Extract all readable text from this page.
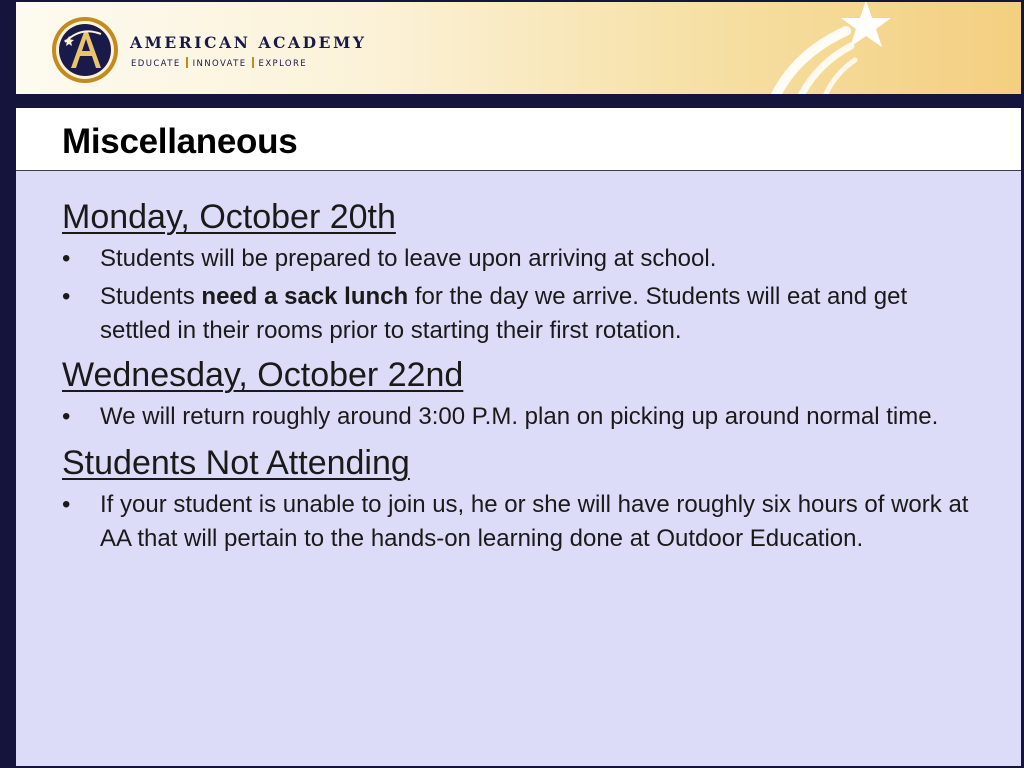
AMERICAN ACADEMY
EDUCATE INNOVATE EXPLORE
Miscellaneous
Monday, October 20th
• Students will be prepared to leave upon arriving at school.
• Students need a sack lunch for the day we arrive. Students will eat and get settled in their rooms prior to starting their first rotation.
Wednesday, October 22nd
• We will return roughly around 3:00 P.M. plan on picking up around normal time.
Students Not Attending
• If your student is unable to join us, he or she will have roughly six hours of work at AA that will pertain to the hands-on learning done at Outdoor Education.
